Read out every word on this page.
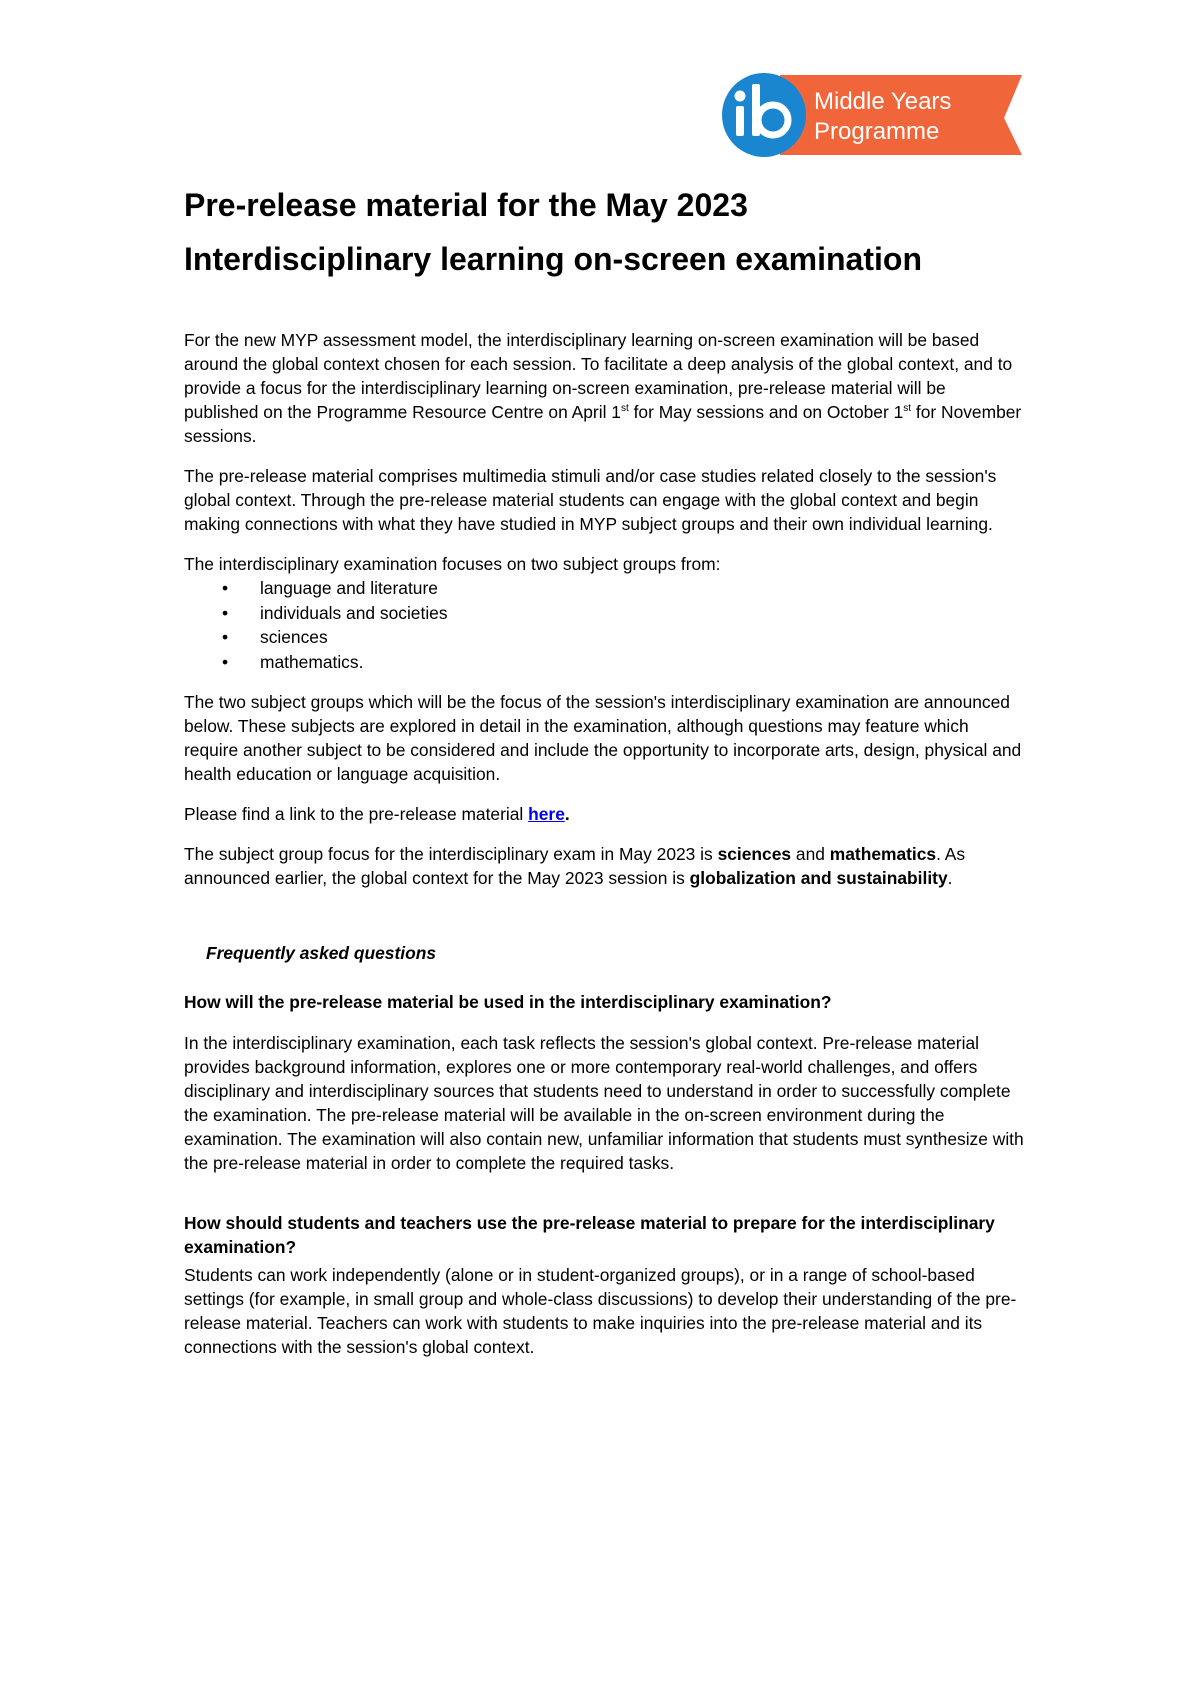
Middle Years
Programme
Pre-release material for the May 2023
Interdisciplinary learning on-screen examination

For the new MYP assessment model, the interdisciplinary learning on-screen examination will be based around the global context chosen for each session. To facilitate a deep analysis of the global context, and to provide a focus for the interdisciplinary learning on-screen examination, pre-release material will be published on the Programme Resource Centre on April 1st for May sessions and on October 1st for November sessions.

The pre-release material comprises multimedia stimuli and/or case studies related closely to the session's global context. Through the pre-release material students can engage with the global context and begin making connections with what they have studied in MYP subject groups and their own individual learning.

The interdisciplinary examination focuses on two subject groups from:

• language and literature
• individuals and societies
• sciences
• mathematics.

The two subject groups which will be the focus of the session's interdisciplinary examination are announced below. These subjects are explored in detail in the examination, although questions may feature which require another subject to be considered and include the opportunity to incorporate arts, design, physical and health education or language acquisition.

Please find a link to the pre-release material here.

The subject group focus for the interdisciplinary exam in May 2023 is sciences and mathematics. As announced earlier, the global context for the May 2023 session is globalization and sustainability.

Frequently asked questions

How will the pre-release material be used in the interdisciplinary examination?

In the interdisciplinary examination, each task reflects the session's global context. Pre-release material provides background information, explores one or more contemporary real-world challenges, and offers disciplinary and interdisciplinary sources that students need to understand in order to successfully complete the examination. The pre-release material will be available in the on-screen environment during the examination. The examination will also contain new, unfamiliar information that students must synthesize with the pre-release material in order to complete the required tasks.

How should students and teachers use the pre-release material to prepare for the interdisciplinary examination?

Students can work independently (alone or in student-organized groups), or in a range of school-based settings (for example, in small group and whole-class discussions) to develop their understanding of the pre-release material. Teachers can work with students to make inquiries into the pre-release material and its connections with the session's global context.
